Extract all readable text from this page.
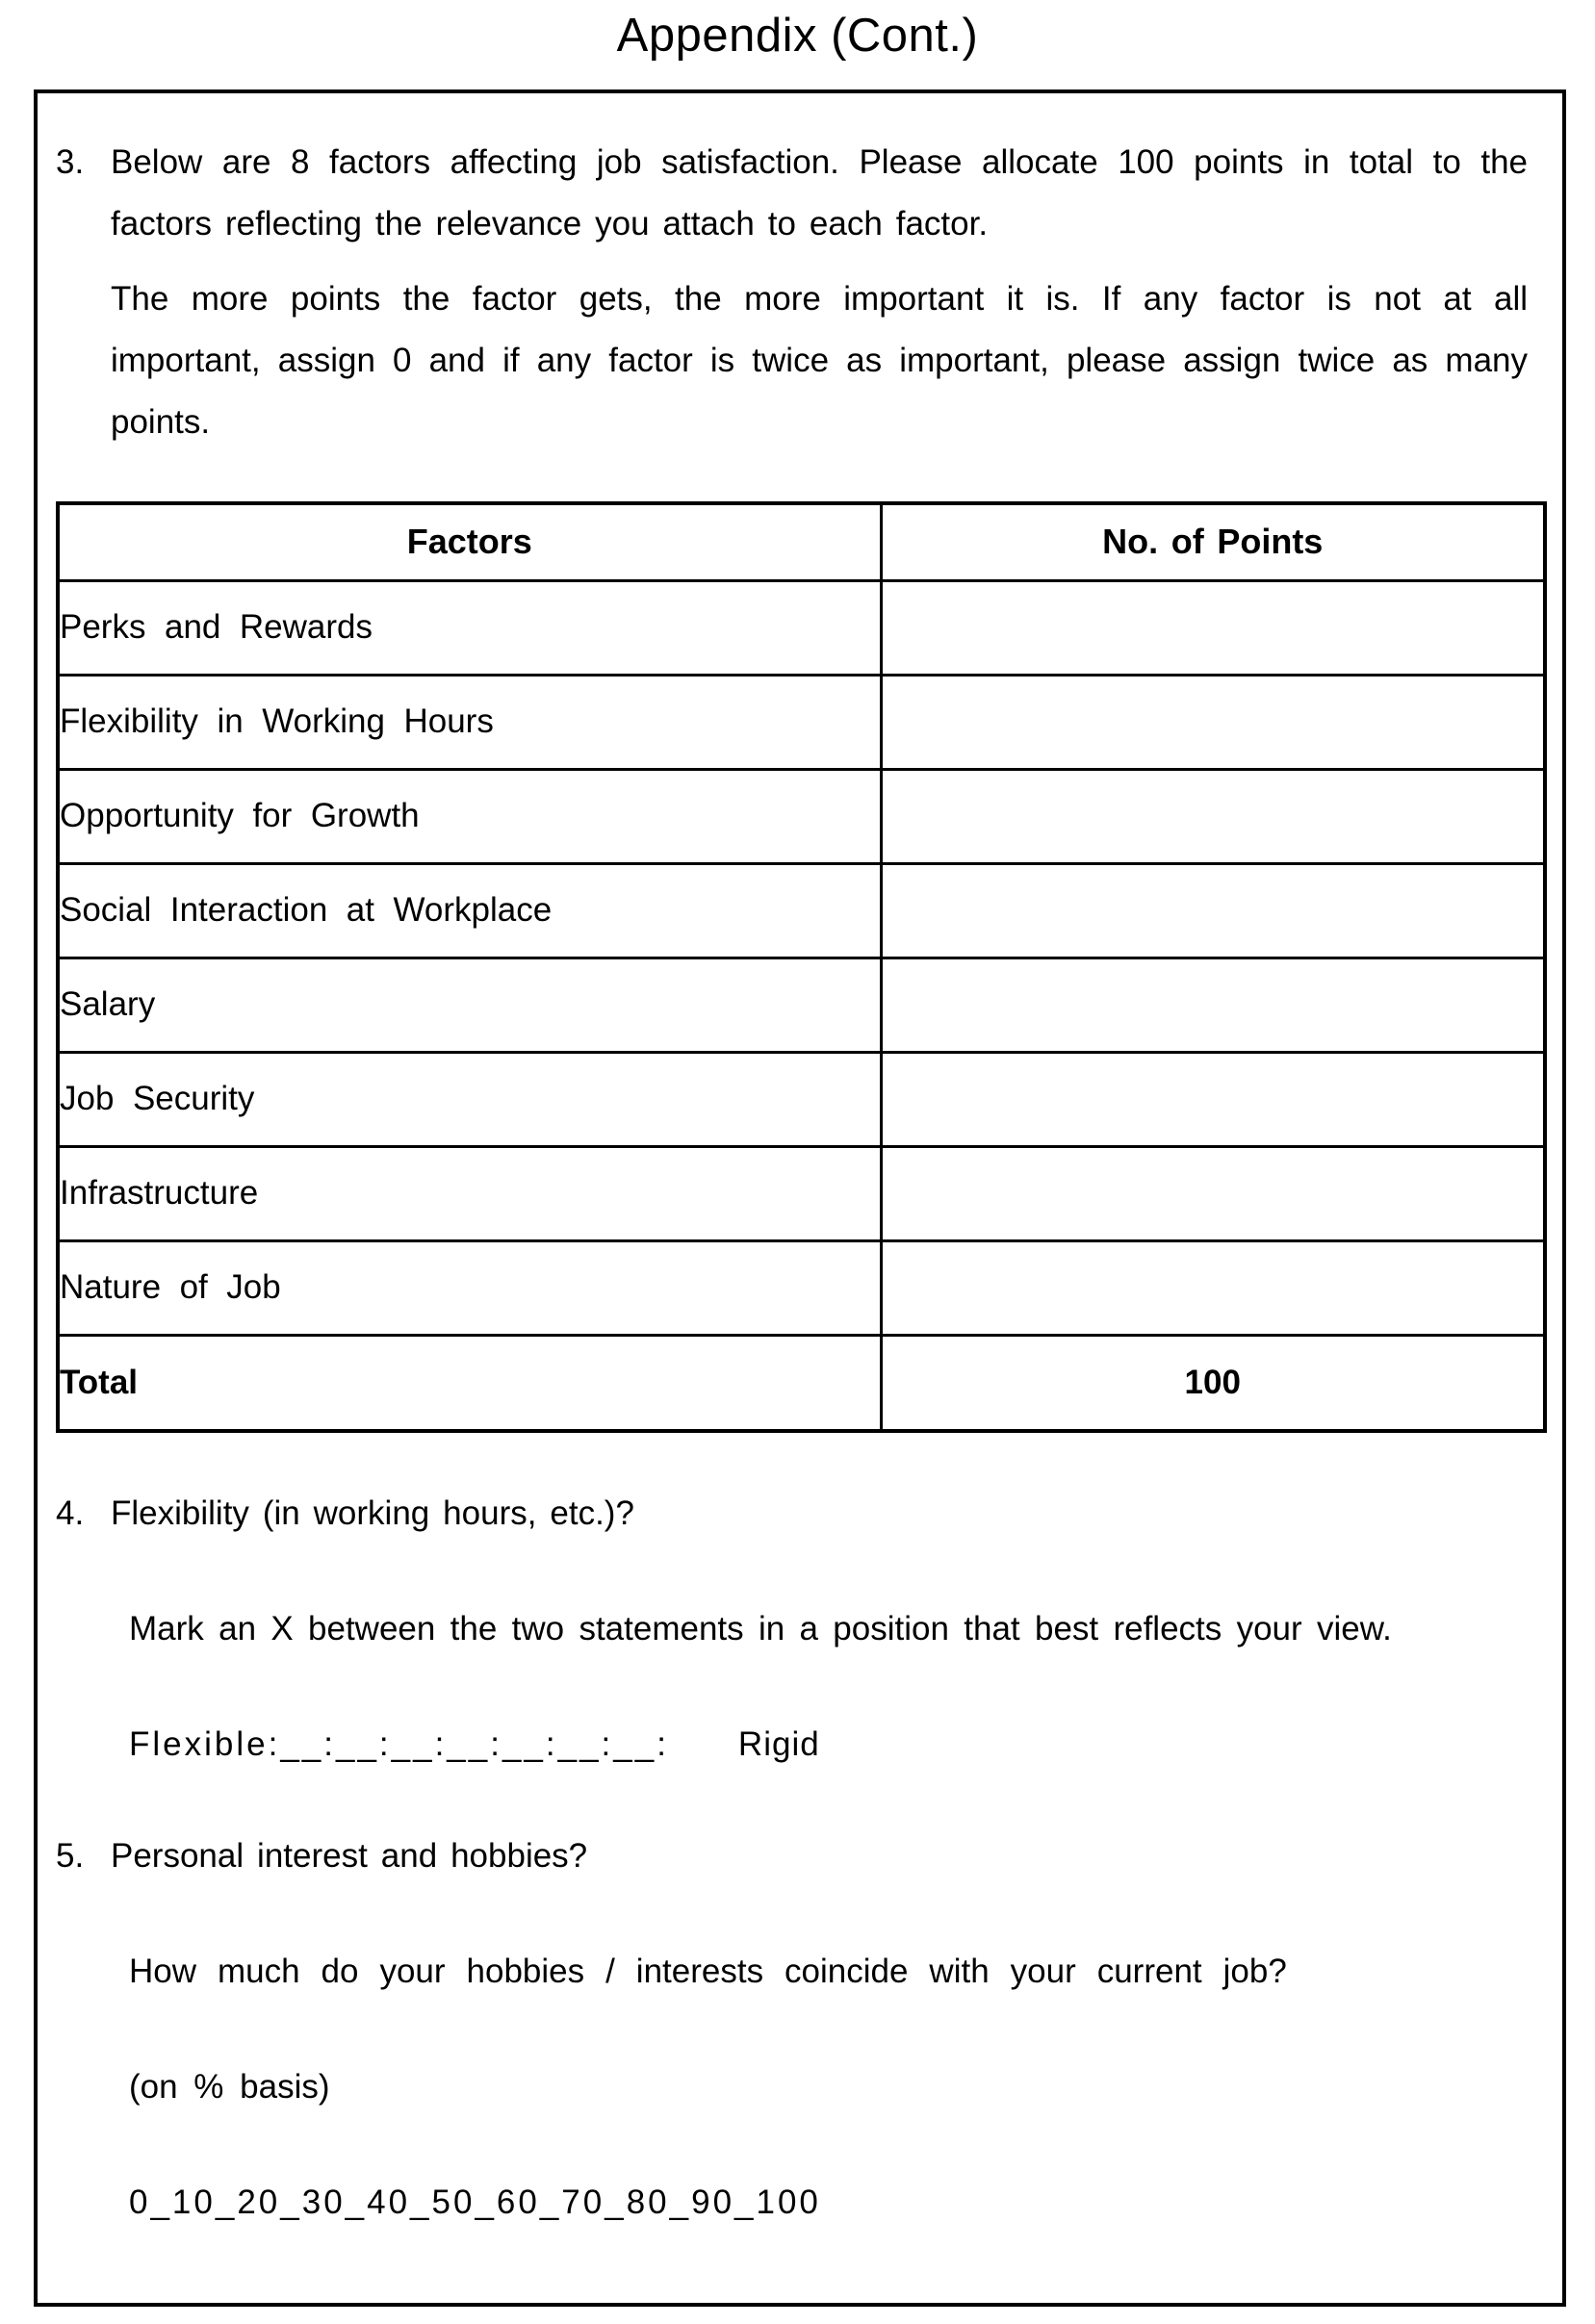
Appendix (Cont.)
3. Below are 8 factors affecting job satisfaction. Please allocate 100 points in total to the factors reflecting the relevance you attach to each factor.

The more points the factor gets, the more important it is. If any factor is not at all important, assign 0 and if any factor is twice as important, please assign twice as many points.

Factors	No. of Points
Perks and Rewards	
Flexibility in Working Hours	
Opportunity for Growth	
Social Interaction at Workplace	
Salary	
Job Security	
Infrastructure	
Nature of Job	
Total	100
4. Flexibility (in working hours, etc.)?
Mark an X between the two statements in a position that best reflects your view.
Flexible:__:__:__:__:__:__:__: Rigid
5. Personal interest and hobbies?
How much do your hobbies / interests coincide with your current job?
(on % basis)
0_10_20_30_40_50_60_70_80_90_100
